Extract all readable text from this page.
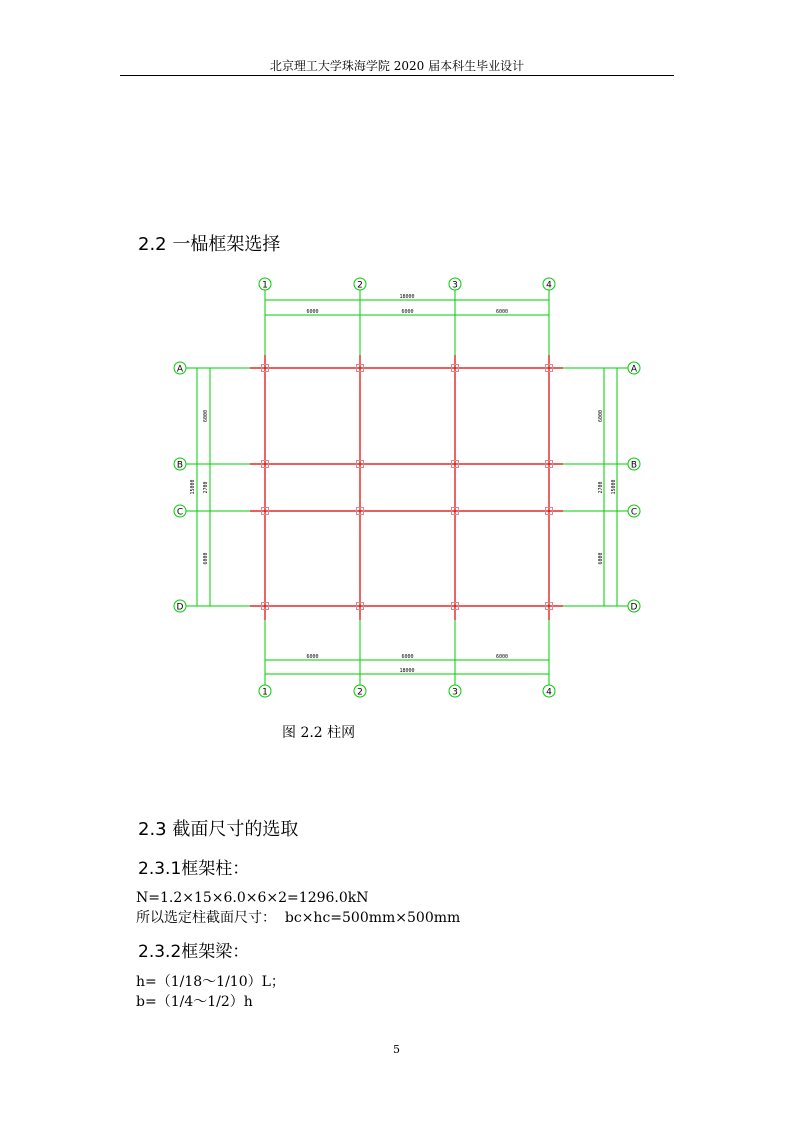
北京理工大学珠海学院 2020 届本科生毕业设计
2.2 一榀框架选择
18000
6000	6000	6000
6000	6000	6000
18000
6000
2700
6000
15000
6000
2700
6000
15000
1	2	3	4
1	2	3	4
A
B
C
D
A
B
C
D
图 2.2 柱网
2.3 截面尺寸的选取
2.3.1框架柱：
N=1.2×15×6.0×6×2=1296.0kN
所以选定柱截面尺寸：  bc×hc=500mm×500mm
2.3.2框架梁：
h=（1/18～1/10）L；
b=（1/4～1/2）h
5
